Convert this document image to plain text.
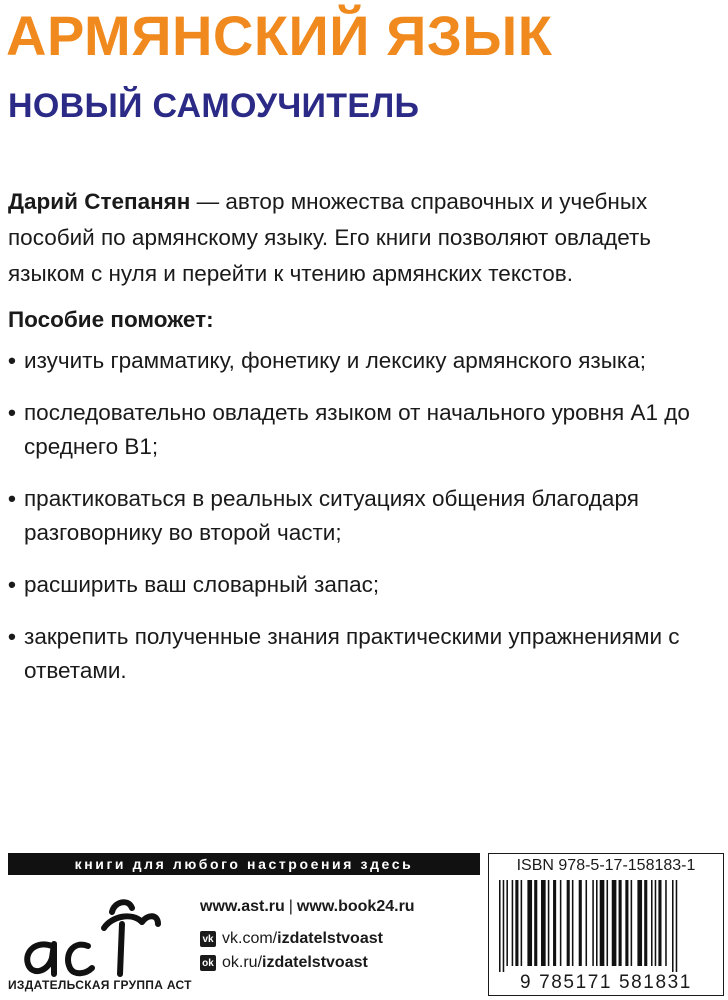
АРМЯНСКИЙ ЯЗЫК
НОВЫЙ САМОУЧИТЕЛЬ

Дарий Степанян — автор множества справочных и учебных пособий по армянскому языку. Его книги позволяют овладеть языком с нуля и перейти к чтению армянских текстов.

Пособие поможет:
• изучить грамматику, фонетику и лексику армянского языка;
• последовательно овладеть языком от начального уровня A1 до среднего B1;
• практиковаться в реальных ситуациях общения благодаря разговорнику во второй части;
• расширить ваш словарный запас;
• закрепить полученные знания практическими упражнениями с ответами.
книги для любого настроения здесь
ИЗДАТЕЛЬСКАЯ ГРУППА АСТ
www.ast.ru | www.book24.ru
vk vk.com/ izdatelstvoast
ok ok.ru/ izdatelstvoast
ISBN 978-5-17-158183-1
9 785171 581831
